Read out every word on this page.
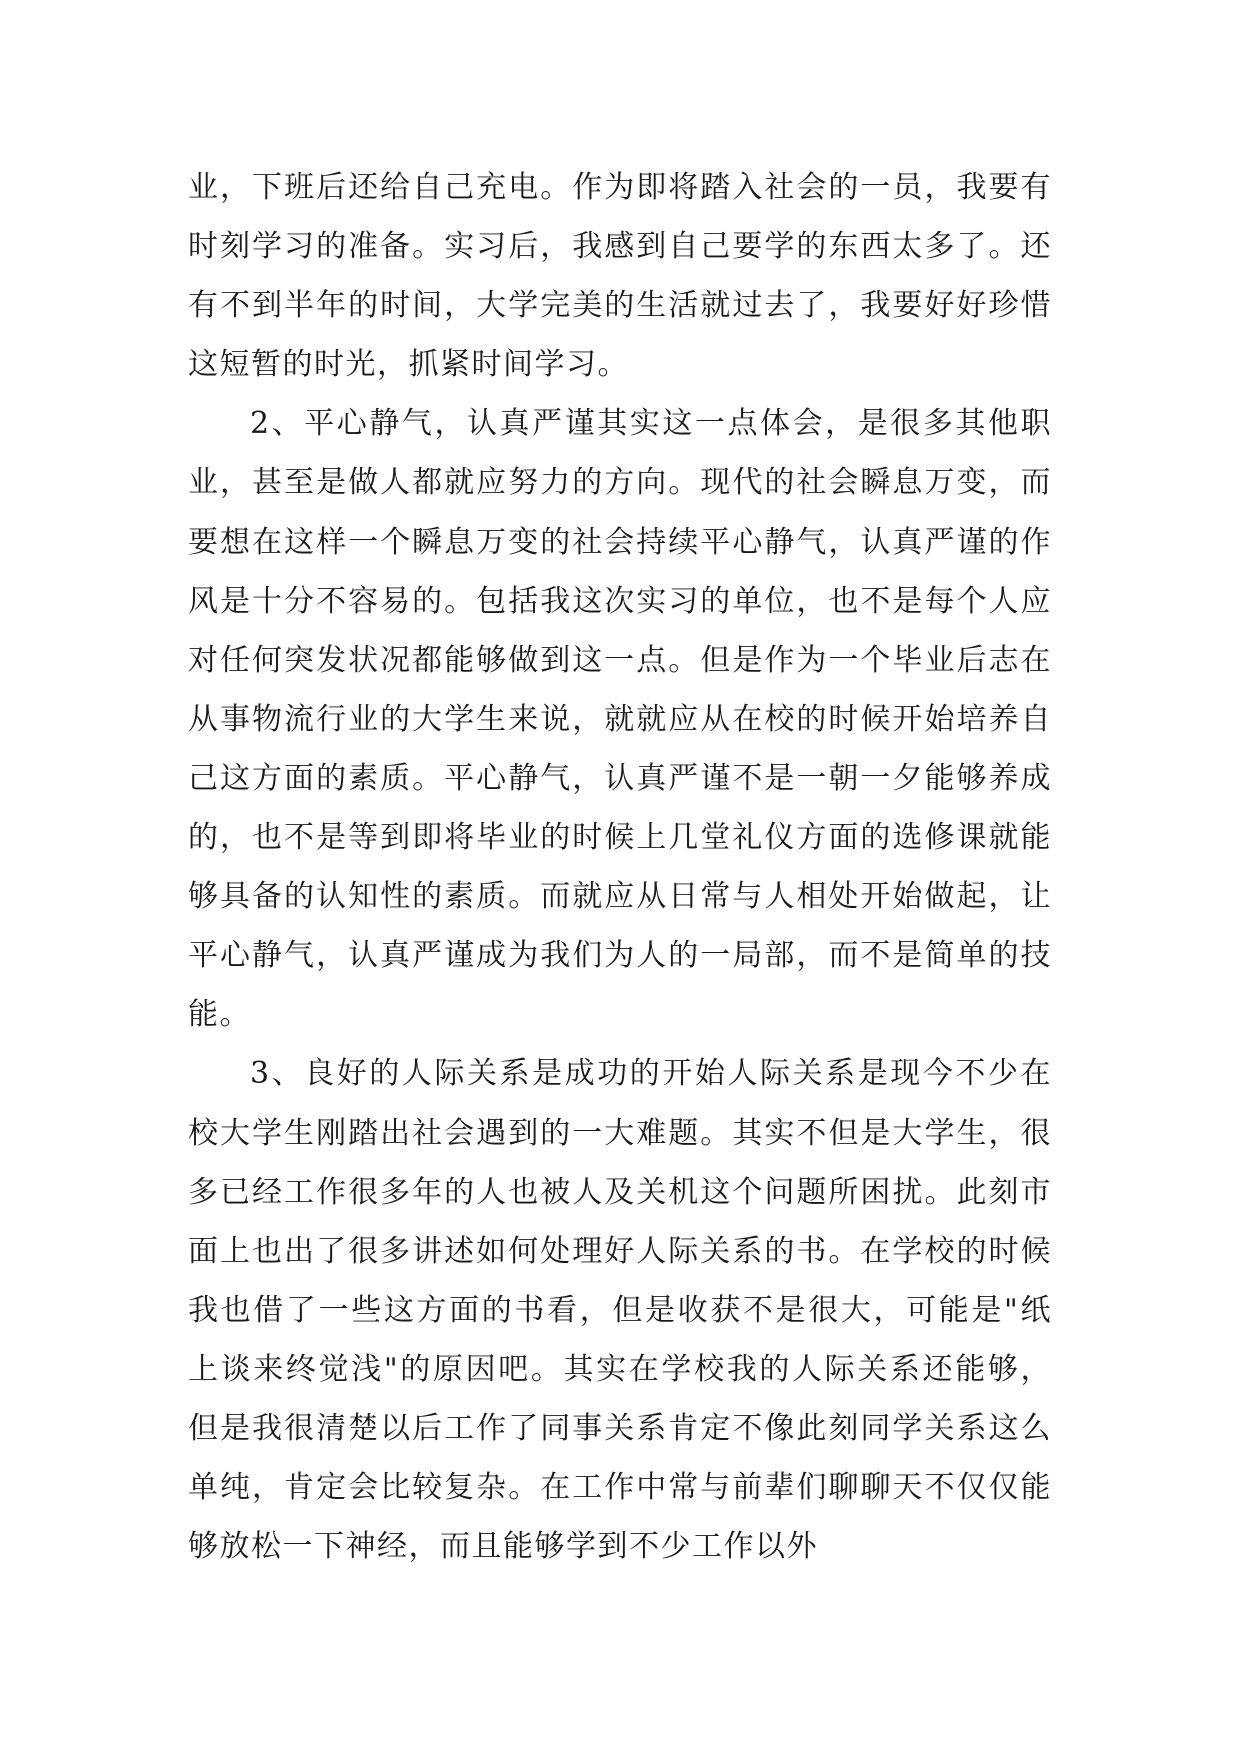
业，下班后还给自己充电。作为即将踏入社会的一员，我要有时刻学习的准备。实习后，我感到自己要学的东西太多了。还有不到半年的时间，大学完美的生活就过去了，我要好好珍惜这短暂的时光，抓紧时间学习。

2、平心静气，认真严谨其实这一点体会，是很多其他职业，甚至是做人都就应努力的方向。现代的社会瞬息万变，而要想在这样一个瞬息万变的社会持续平心静气，认真严谨的作风是十分不容易的。包括我这次实习的单位，也不是每个人应对任何突发状况都能够做到这一点。但是作为一个毕业后志在从事物流行业的大学生来说，就就应从在校的时候开始培养自己这方面的素质。平心静气，认真严谨不是一朝一夕能够养成的，也不是等到即将毕业的时候上几堂礼仪方面的选修课就能够具备的认知性的素质。而就应从日常与人相处开始做起，让平心静气，认真严谨成为我们为人的一局部，而不是简单的技能。

3、良好的人际关系是成功的开始人际关系是现今不少在校大学生刚踏出社会遇到的一大难题。其实不但是大学生，很多已经工作很多年的人也被人及关机这个问题所困扰。此刻市面上也出了很多讲述如何处理好人际关系的书。在学校的时候我也借了一些这方面的书看，但是收获不是很大，可能是"纸上谈来终觉浅"的原因吧。其实在学校我的人际关系还能够，但是我很清楚以后工作了同事关系肯定不像此刻同学关系这么单纯，肯定会比较复杂。在工作中常与前辈们聊聊天不仅仅能够放松一下神经，而且能够学到不少工作以外
